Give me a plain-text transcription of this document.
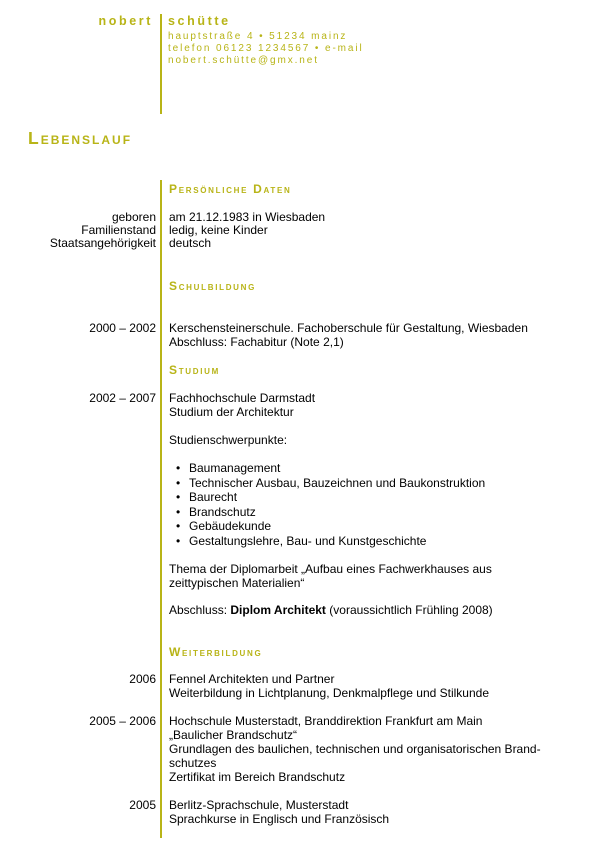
nobert schütte
hauptstraße 4 • 51234 mainz
telefon 06123 1234567 • e-mail
nobert.schütte@gmx.net
Lebenslauf
Persönliche Daten
geboren am 21.12.1983 in Wiesbaden
Familienstand ledig, keine Kinder
Staatsangehörigkeit deutsch
Schulbildung
2000 – 2002 Kerschensteinerschule. Fachoberschule für Gestaltung, Wiesbaden
Abschluss: Fachabitur (Note 2,1)
Studium
2002 – 2007 Fachhochschule Darmstadt
Studium der Architektur
Studienschwerpunkte:
• Baumanagement
• Technischer Ausbau, Bauzeichnen und Baukonstruktion
• Baurecht
• Brandschutz
• Gebäudekunde
• Gestaltungslehre, Bau- und Kunstgeschichte
Thema der Diplomarbeit „Aufbau eines Fachwerkhauses aus
zeittypischen Materialien“
Abschluss: Diplom Architekt (voraussichtlich Frühling 2008)
Weiterbildung
2006 Fennel Architekten und Partner
Weiterbildung in Lichtplanung, Denkmalpflege und Stilkunde
2005 – 2006 Hochschule Musterstadt, Branddirektion Frankfurt am Main
„Baulicher Brandschutz“
Grundlagen des baulichen, technischen und organisatorischen Brand-
schutzes
Zertifikat im Bereich Brandschutz
2005 Berlitz-Sprachschule, Musterstadt
Sprachkurse in Englisch und Französisch
